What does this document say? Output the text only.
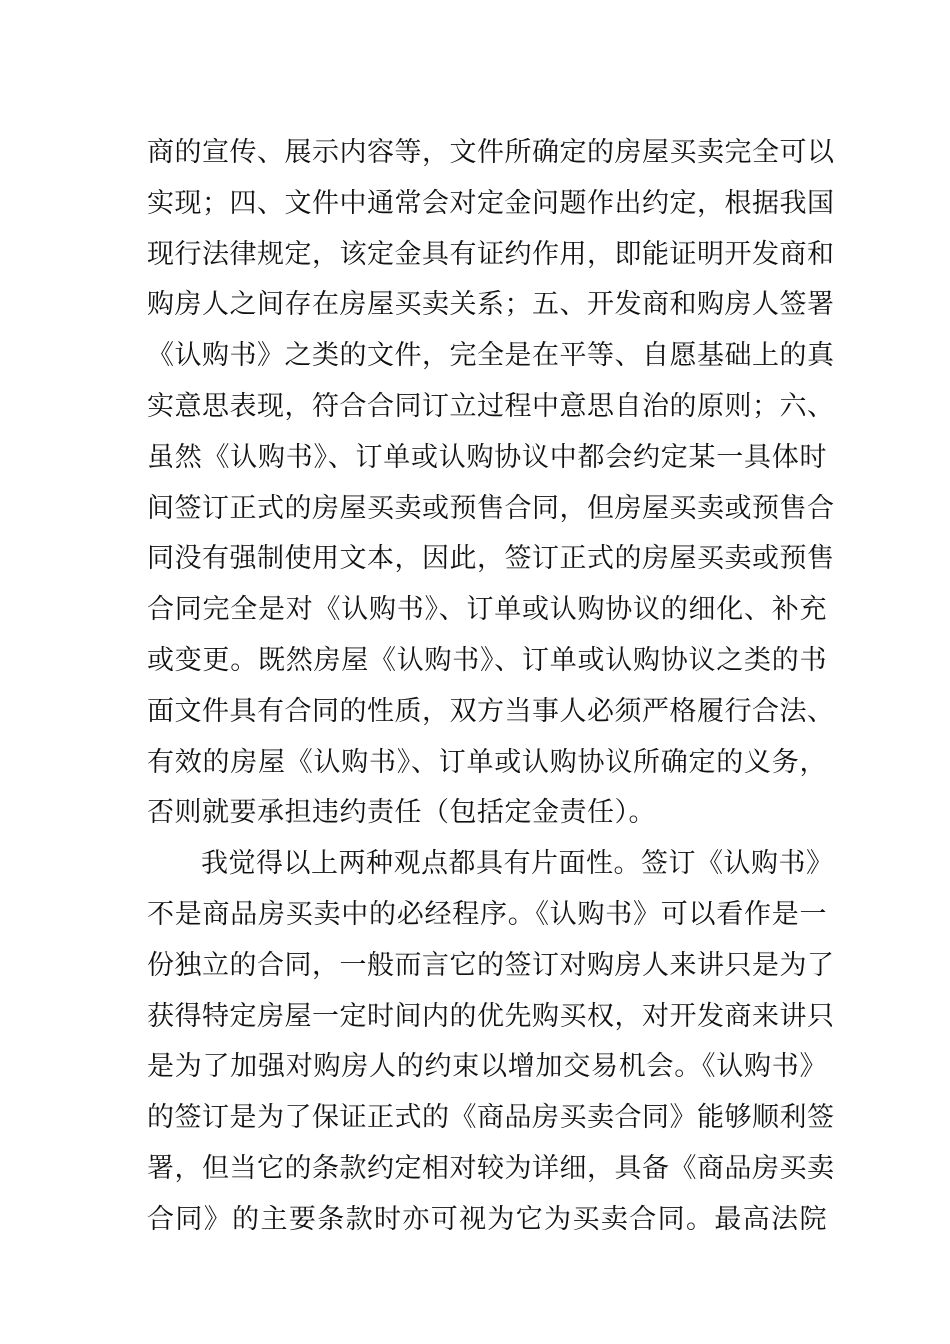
商的宣传、展示内容等，文件所确定的房屋买卖完全可以
实现；四、文件中通常会对定金问题作出约定，根据我国
现行法律规定，该定金具有证约作用，即能证明开发商和
购房人之间存在房屋买卖关系；五、开发商和购房人签署
《认购书》之类的文件，完全是在平等、自愿基础上的真
实意思表现，符合合同订立过程中意思自治的原则；六、
虽然《认购书》、订单或认购协议中都会约定某一具体时
间签订正式的房屋买卖或预售合同，但房屋买卖或预售合
同没有强制使用文本，因此，签订正式的房屋买卖或预售
合同完全是对《认购书》、订单或认购协议的细化、补充
或变更。既然房屋《认购书》、订单或认购协议之类的书
面文件具有合同的性质，双方当事人必须严格履行合法、
有效的房屋《认购书》、订单或认购协议所确定的义务，
否则就要承担违约责任（包括定金责任）。
我觉得以上两种观点都具有片面性。签订《认购书》
不是商品房买卖中的必经程序。《认购书》可以看作是一
份独立的合同，一般而言它的签订对购房人来讲只是为了
获得特定房屋一定时间内的优先购买权，对开发商来讲只
是为了加强对购房人的约束以增加交易机会。《认购书》
的签订是为了保证正式的《商品房买卖合同》能够顺利签
署，但当它的条款约定相对较为详细，具备《商品房买卖
合同》的主要条款时亦可视为它为买卖合同。最高法院
